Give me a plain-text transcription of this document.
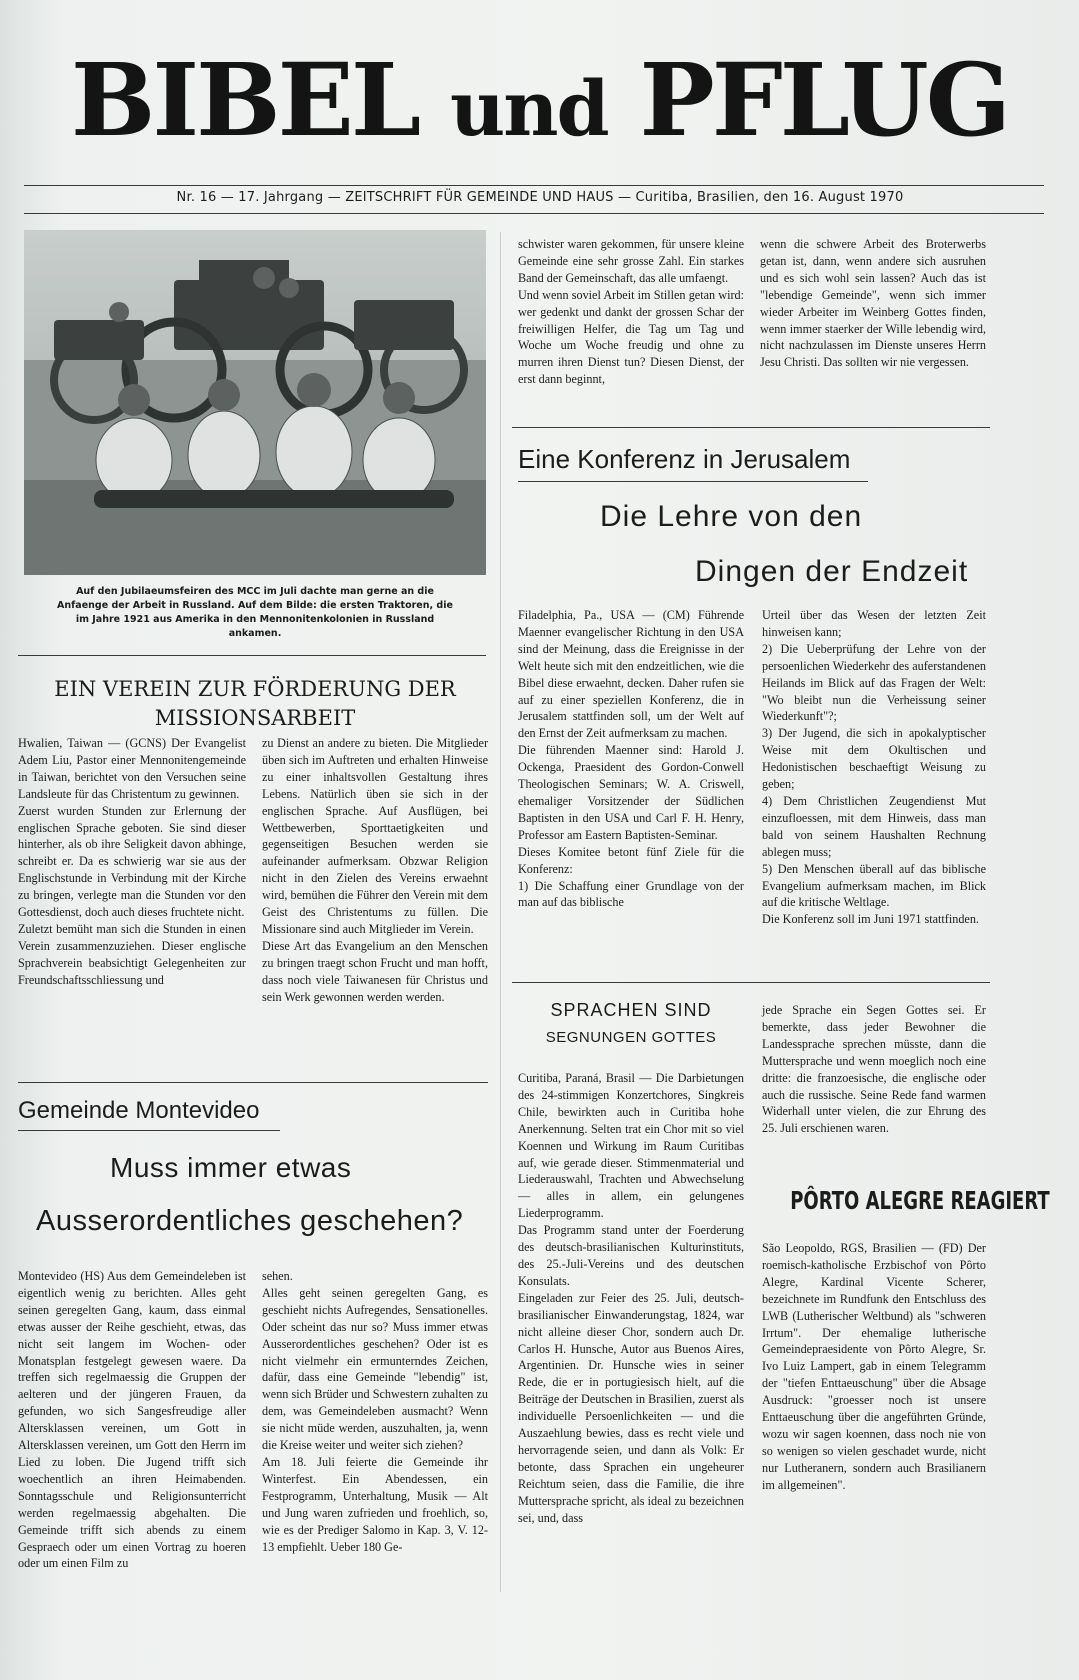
BIBEL und PFLUG
Nr. 16 — 17. Jahrgang — ZEITSCHRIFT FÜR GEMEINDE UND HAUS — Curitiba, Brasilien, den 16. August 1970
Auf den Jubilaeumsfeiren des MCC im Juli dachte man gerne an die Anfaenge der Arbeit in Russland. Auf dem Bilde: die ersten Traktoren, die im Jahre 1921 aus Amerika in den Mennonitenkolonien in Russland ankamen.
schwister waren gekommen, für unsere kleine Gemeinde eine sehr grosse Zahl. Ein starkes Band der Gemeinschaft, das alle umfaengt.
Und wenn soviel Arbeit im Stillen getan wird: wer gedenkt und dankt der grossen Schar der freiwilligen Helfer, die Tag um Tag und Woche um Woche freudig und ohne zu murren ihren Dienst tun? Diesen Dienst, der erst dann beginnt,
wenn die schwere Arbeit des Broterwerbs getan ist, dann, wenn andere sich ausruhen und es sich wohl sein lassen? Auch das ist "lebendige Gemeinde", wenn sich immer wieder Arbeiter im Weinberg Gottes finden, wenn immer staerker der Wille lebendig wird, nicht nachzulassen im Dienste unseres Herrn Jesu Christi. Das sollten wir nie vergessen.
EIN VEREIN ZUR FÖRDERUNG DER MISSIONSARBEIT
Hwalien, Taiwan — (GCNS) Der Evangelist Adem Liu, Pastor einer Mennonitengemeinde in Taiwan, berichtet von den Versuchen seine Landsleute für das Christentum zu gewinnen.
Zuerst wurden Stunden zur Erlernung der englischen Sprache geboten. Sie sind dieser hinterher, als ob ihre Seligkeit davon abhinge, schreibt er. Da es schwierig war sie aus der Englischstunde in Verbindung mit der Kirche zu bringen, verlegte man die Stunden vor den Gottesdienst, doch auch dieses fruchtete nicht.
Zuletzt bemüht man sich die Stunden in einen Verein zusammenzuziehen. Dieser englische Sprachverein beabsichtigt Gelegenheiten zur Freundschaftsschliessung und
zu Dienst an andere zu bieten. Die Mitglieder üben sich im Auftreten und erhalten Hinweise zu einer inhaltsvollen Gestaltung ihres Lebens. Natürlich üben sie sich in der englischen Sprache. Auf Ausflügen, bei Wettbewerben, Sporttaetigkeiten und gegenseitigen Besuchen werden sie aufeinander aufmerksam. Obzwar Religion nicht in den Zielen des Vereins erwaehnt wird, bemühen die Führer den Verein mit dem Geist des Christentums zu füllen. Die Missionare sind auch Mitglieder im Verein.
Diese Art das Evangelium an den Menschen zu bringen traegt schon Frucht und man hofft, dass noch viele Taiwanesen für Christus und sein Werk gewonnen werden werden.
Eine Konferenz in Jerusalem
Die Lehre von den
Dingen der Endzeit
Filadelphia, Pa., USA — (CM) Führende Maenner evangelischer Richtung in den USA sind der Meinung, dass die Ereignisse in der Welt heute sich mit den endzeitlichen, wie die Bibel diese erwaehnt, decken. Daher rufen sie auf zu einer speziellen Konferenz, die in Jerusalem stattfinden soll, um der Welt auf den Ernst der Zeit aufmerksam zu machen.
Die führenden Maenner sind: Harold J. Ockenga, Praesident des Gordon-Conwell Theologischen Seminars; W. A. Criswell, ehemaliger Vorsitzender der Südlichen Baptisten in den USA und Carl F. H. Henry, Professor am Eastern Baptisten-Seminar.
Dieses Komitee betont fünf Ziele für die Konferenz:
1) Die Schaffung einer Grundlage von der man auf das biblische
Urteil über das Wesen der letzten Zeit hinweisen kann;
2) Die Ueberprüfung der Lehre von der persoenlichen Wiederkehr des auferstandenen Heilands im Blick auf das Fragen der Welt: "Wo bleibt nun die Verheissung seiner Wiederkunft"?;
3) Der Jugend, die sich in apokalyptischer Weise mit dem Okultischen und Hedonistischen beschaeftigt Weisung zu geben;
4) Dem Christlichen Zeugendienst Mut einzufloessen, mit dem Hinweis, dass man bald von seinem Haushalten Rechnung ablegen muss;
5) Den Menschen überall auf das biblische Evangelium aufmerksam machen, im Blick auf die kritische Weltlage.
Die Konferenz soll im Juni 1971 stattfinden.
SPRACHEN SIND
SEGNUNGEN GOTTES
Curitiba, Paraná, Brasil — Die Darbietungen des 24-stimmigen Konzertchores, Singkreis Chile, bewirkten auch in Curitiba hohe Anerkennung. Selten trat ein Chor mit so viel Koennen und Wirkung im Raum Curitibas auf, wie gerade dieser. Stimmenmaterial und Liederauswahl, Trachten und Abwechselung — alles in allem, ein gelungenes Liederprogramm.
Das Programm stand unter der Foerderung des deutsch-brasilianischen Kulturinstituts, des 25.-Juli-Vereins und des deutschen Konsulats.
Eingeladen zur Feier des 25. Juli, deutsch-brasilianischer Einwanderungstag, 1824, war nicht alleine dieser Chor, sondern auch Dr. Carlos H. Hunsche, Autor aus Buenos Aires, Argentinien. Dr. Hunsche wies in seiner Rede, die er in portugiesisch hielt, auf die Beiträge der Deutschen in Brasilien, zuerst als individuelle Persoenlichkeiten — und die Auszaehlung bewies, dass es recht viele und hervorragende seien, und dann als Volk: Er betonte, dass Sprachen ein ungeheurer Reichtum seien, dass die Familie, die ihre Muttersprache spricht, als ideal zu bezeichnen sei, und, dass
jede Sprache ein Segen Gottes sei. Er bemerkte, dass jeder Bewohner die Landessprache sprechen müsste, dann die Muttersprache und wenn moeglich noch eine dritte: die franzoesische, die englische oder auch die russische. Seine Rede fand warmen Widerhall unter vielen, die zur Ehrung des 25. Juli erschienen waren.
PÔRTO ALEGRE REAGIERT
São Leopoldo, RGS, Brasilien — (FD) Der roemisch-katholische Erzbischof von Pôrto Alegre, Kardinal Vicente Scherer, bezeichnete im Rundfunk den Entschluss des LWB (Lutherischer Weltbund) als "schweren Irrtum". Der ehemalige lutherische Gemeindepraesidente von Pôrto Alegre, Sr. Ivo Luiz Lampert, gab in einem Telegramm der "tiefen Enttaeuschung" über die Absage Ausdruck: "groesser noch ist unsere Enttaeuschung über die angeführten Gründe, wozu wir sagen koennen, dass noch nie von so wenigen so vielen geschadet wurde, nicht nur Lutheranern, sondern auch Brasilianern im allgemeinen".
Gemeinde Montevideo
Muss immer etwas
Ausserordentliches geschehen?
Montevideo (HS) Aus dem Gemeindeleben ist eigentlich wenig zu berichten. Alles geht seinen geregelten Gang, kaum, dass einmal etwas ausser der Reihe geschieht, etwas, das nicht seit langem im Wochen- oder Monatsplan festgelegt gewesen waere. Da treffen sich regelmaessig die Gruppen der aelteren und der jüngeren Frauen, da gefunden, wo sich Sangesfreudige aller Altersklassen vereinen, um Gott in Altersklassen vereinen, um Gott den Herrn im Lied zu loben. Die Jugend trifft sich woechentlich an ihren Heimabenden. Sonntagsschule und Religionsunterricht werden regelmaessig abgehalten. Die Gemeinde trifft sich abends zu einem Gespraech oder um einen Vortrag zu hoeren oder um einen Film zu
sehen.
Alles geht seinen geregelten Gang, es geschieht nichts Aufregendes, Sensationelles. Oder scheint das nur so? Muss immer etwas Ausserordentliches geschehen? Oder ist es nicht vielmehr ein ermunterndes Zeichen, dafür, dass eine Gemeinde "lebendig" ist, wenn sich Brüder und Schwestern zuhalten zu dem, was Gemeindeleben ausmacht? Wenn sie nicht müde werden, auszuhalten, ja, wenn die Kreise weiter und weiter sich ziehen?
Am 18. Juli feierte die Gemeinde ihr Winterfest. Ein Abendessen, ein Festprogramm, Unterhaltung, Musik — Alt und Jung waren zufrieden und froehlich, so, wie es der Prediger Salomo in Kap. 3, V. 12-13 empfiehlt. Ueber 180 Ge-
